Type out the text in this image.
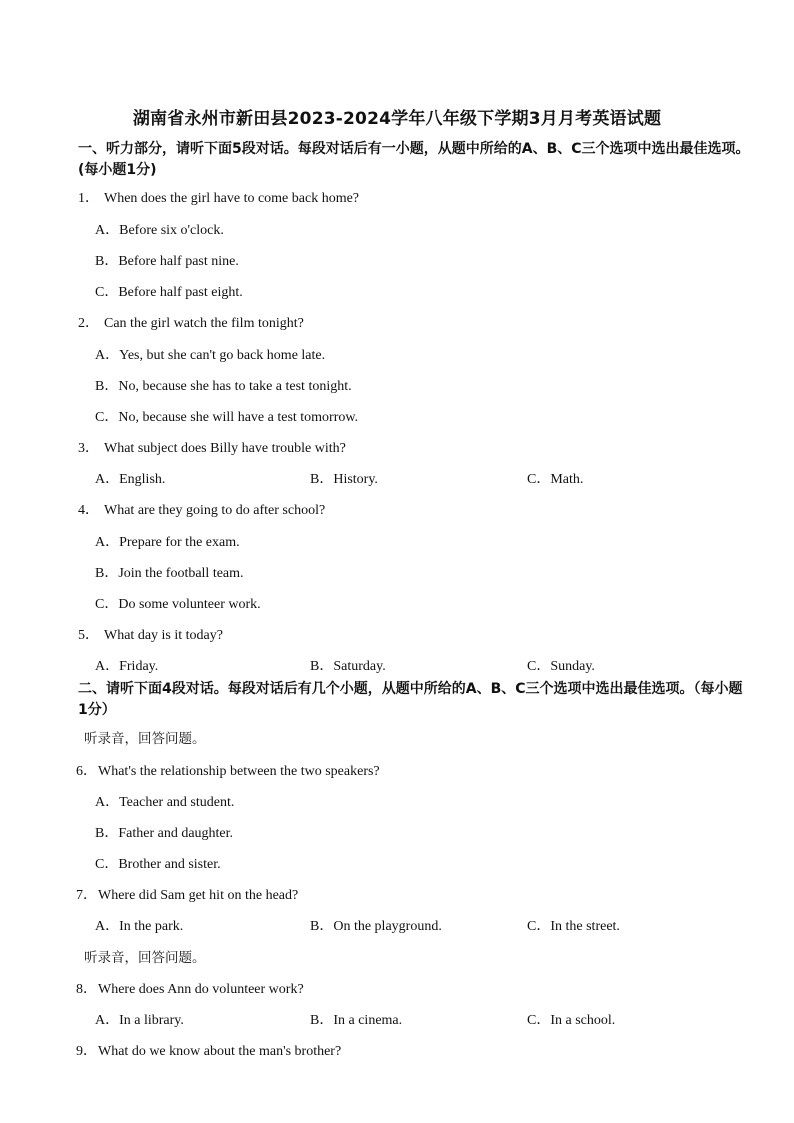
湖南省永州市新田县2023-2024学年八年级下学期3月月考英语试题
一、听力部分，请听下面5段对话。每段对话后有一小题，从题中所给的A、B、C三个选项中选出最佳选项。(每小题1分)
1． When does the girl have to come back home?
A．Before six o'clock.
B．Before half past nine.
C．Before half past eight.
2． Can the girl watch the film tonight?
A．Yes, but she can't go back home late.
B．No, because she has to take a test tonight.
C．No, because she will have a test tomorrow.
3． What subject does Billy have trouble with?
A．English.	B．History.	C．Math.
4． What are they going to do after school?
A．Prepare for the exam.
B．Join the football team.
C．Do some volunteer work.
5． What day is it today?
A．Friday.	B．Saturday.	C．Sunday.
二、请听下面4段对话。每段对话后有几个小题，从题中所给的A、B、C三个选项中选出最佳选项。（每小题1分）
听录音，回答问题。
6．What's the relationship between the two speakers?
A．Teacher and student.
B．Father and daughter.
C．Brother and sister.
7．Where did Sam get hit on the head?
A．In the park.	B．On the playground.	C．In the street.
听录音，回答问题。
8．Where does Ann do volunteer work?
A．In a library.	B．In a cinema.	C．In a school.
9．What do we know about the man's brother?
